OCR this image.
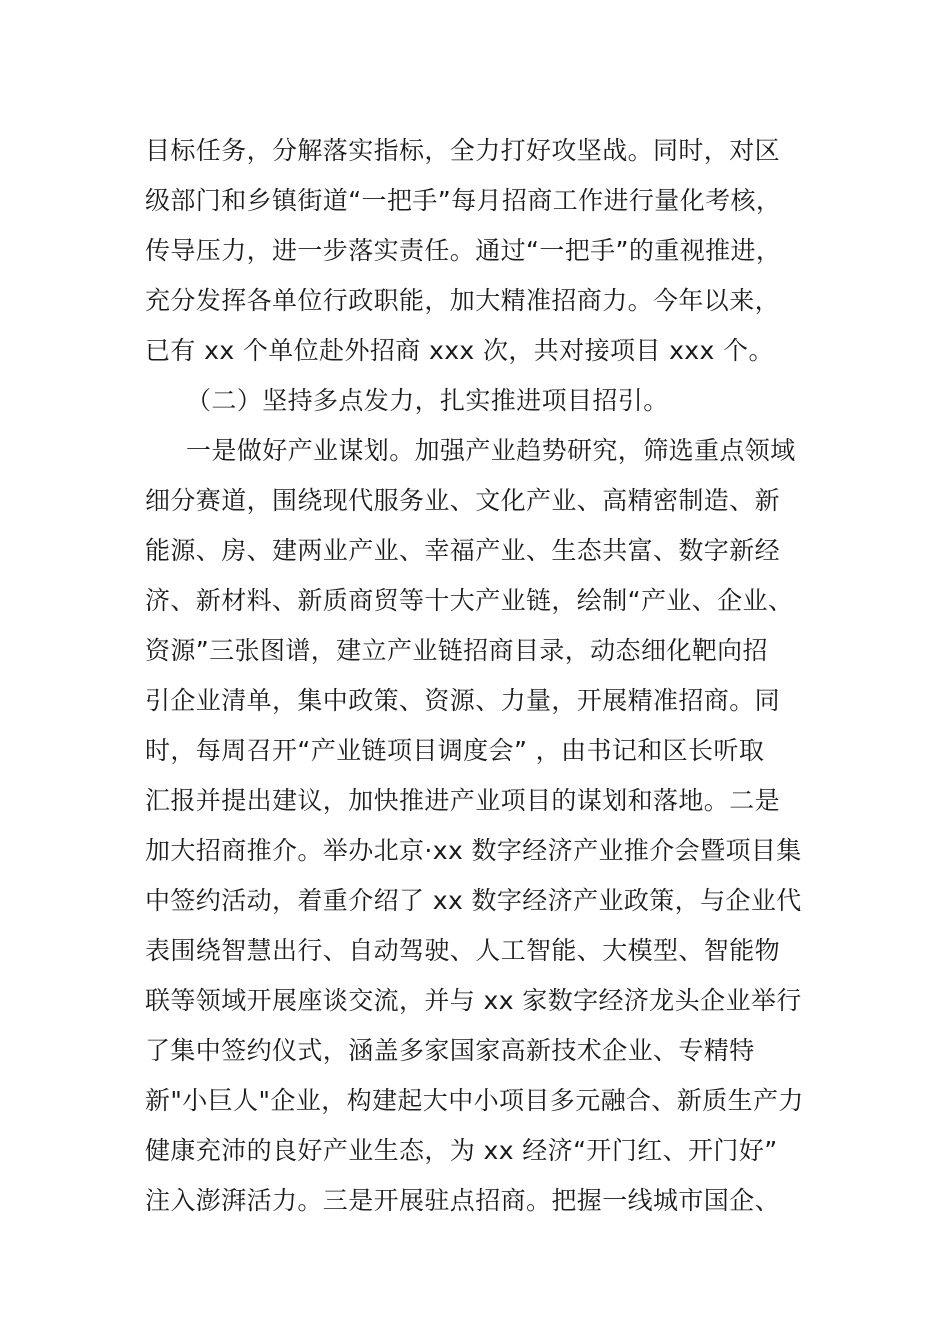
目标任务，分解落实指标，全力打好攻坚战。同时，对区
级部门和乡镇街道“一把手”每月招商工作进行量化考核，
传导压力，进一步落实责任。通过“一把手”的重视推进，
充分发挥各单位行政职能，加大精准招商力。今年以来，
已有 xx 个单位赴外招商 xxx 次，共对接项目 xxx 个。
（二）坚持多点发力，扎实推进项目招引。
一是做好产业谋划。加强产业趋势研究，筛选重点领域
细分赛道，围绕现代服务业、文化产业、高精密制造、新
能源、房、建两业产业、幸福产业、生态共富、数字新经
济、新材料、新质商贸等十大产业链，绘制“产业、企业、
资源”三张图谱，建立产业链招商目录，动态细化靶向招
引企业清单，集中政策、资源、力量，开展精准招商。同
时，每周召开“产业链项目调度会” ，由书记和区长听取
汇报并提出建议，加快推进产业项目的谋划和落地。二是
加大招商推介。举办北京·xx 数字经济产业推介会暨项目集
中签约活动，着重介绍了 xx 数字经济产业政策，与企业代
表围绕智慧出行、自动驾驶、人工智能、大模型、智能物
联等领域开展座谈交流，并与 xx 家数字经济龙头企业举行
了集中签约仪式，涵盖多家国家高新技术企业、专精特
新"小巨人"企业，构建起大中小项目多元融合、新质生产力
健康充沛的良好产业生态，为 xx 经济“开门红、开门好”
注入澎湃活力。三是开展驻点招商。把握一线城市国企、
